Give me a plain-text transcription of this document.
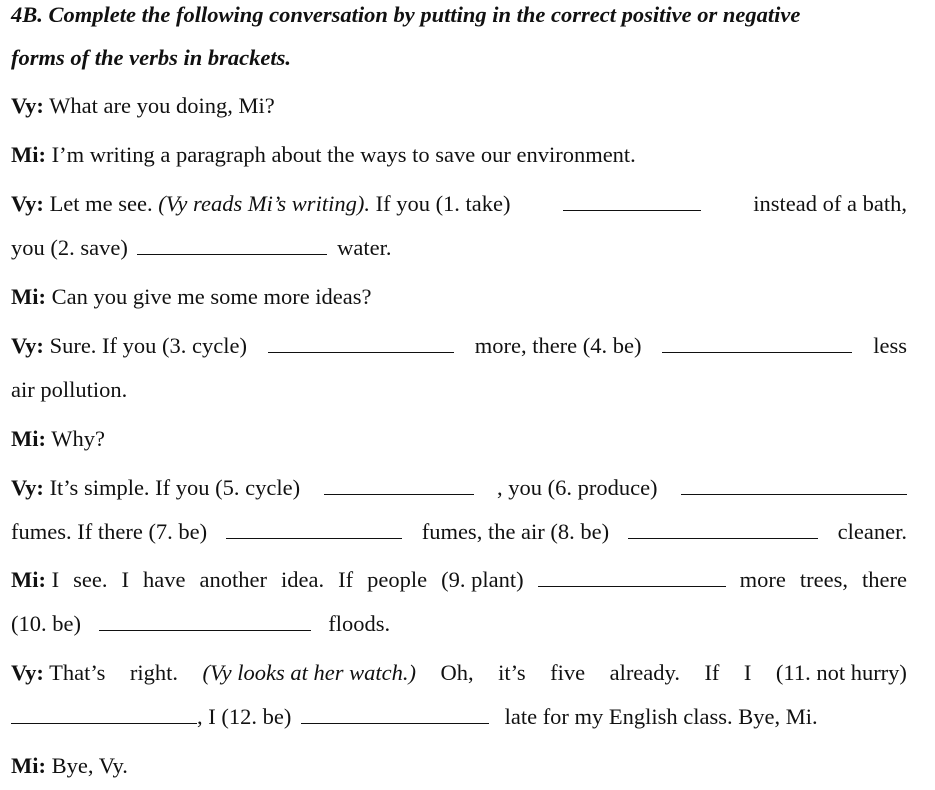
4B. Complete the following conversation by putting in the correct positive or negative
forms of the verbs in brackets.
Vy: What are you doing, Mi?
Mi: I’m writing a paragraph about the ways to save our environment.
Vy: Let me see. (Vy reads Mi’s writing). If you (1. take)	instead of a bath,
you (2. save)	water.
Mi: Can you give me some more ideas?
Vy: Sure. If you (3. cycle)	more, there (4. be)	less
air pollution.
Mi: Why?
Vy: It’s simple. If you (5. cycle)	, you (6. produce)
fumes. If there (7. be)	fumes, the air (8. be)	cleaner.
Mi: I see. I have another idea. If people (9. plant)	more trees, there
(10. be)	floods.
Vy: That’s right. (Vy looks at her watch.) Oh, it’s five already. If I (11. not hurry)
, I (12. be)	late for my English class. Bye, Mi.
Mi: Bye, Vy.
